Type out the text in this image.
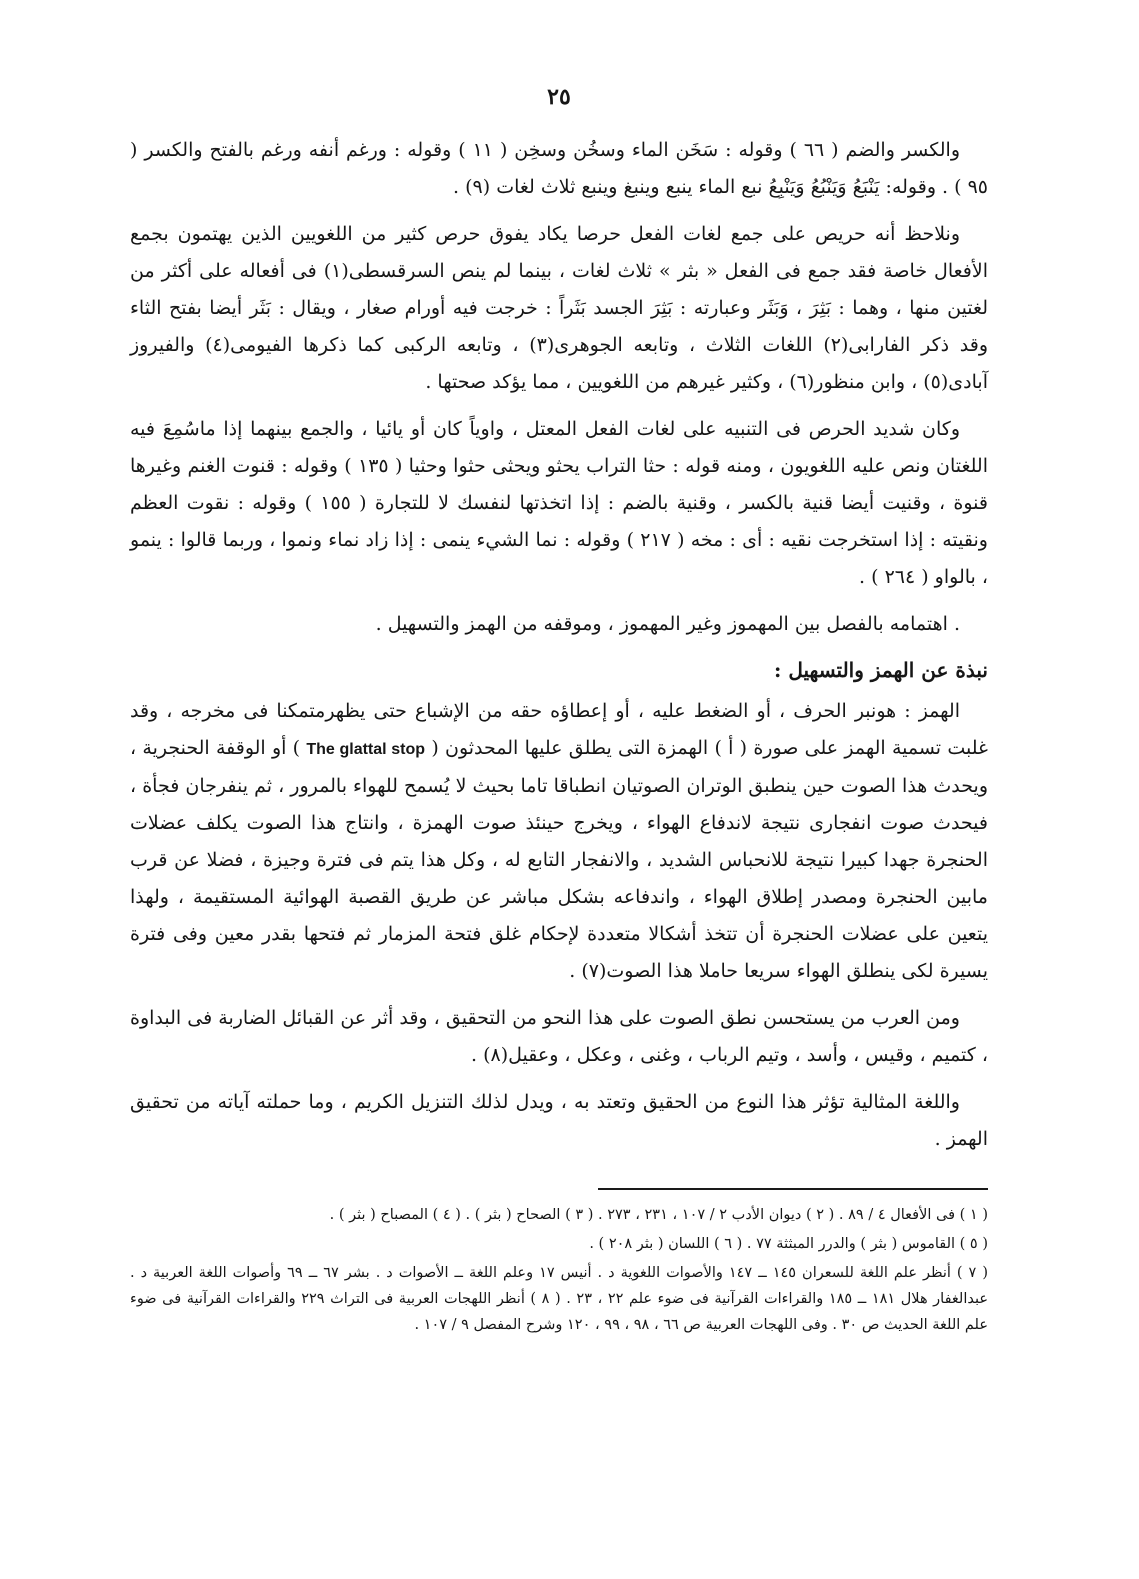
٢٥

والكسر والضم ( ٦٦ ) وقوله : سَخَن الماء وسخُن وسخِن ( ١١ ) وقوله : ورغم أنفه ورغم بالفتح والكسر ( ٩٥ ) . وقوله: يَنْبَعُ وَيَنْبُعُ وَيَنْبِعُ نبع الماء ينبع وينبغ وينبع ثلاث لغات (٩) .

ونلاحظ أنه حريص على جمع لغات الفعل حرصا يكاد يفوق حرص كثير من اللغويين الذين يهتمون بجمع الأفعال خاصة فقد جمع فى الفعل « بثر » ثلاث لغات ، بينما لم ينص السرقسطى(١) فى أفعاله على أكثر من لغتين منها ، وهما : بَثِرَ ، وَبَثَر وعبارته : بَثِرَ الجسد بَثَراً : خرجت فيه أورام صغار ، ويقال : بَثَر أيضا بفتح الثاء وقد ذكر الفارابى(٢) اللغات الثلاث ، وتابعه الجوهرى(٣) ، وتابعه الركبى كما ذكرها الفيومى(٤) والفيروز آبادى(٥) ، وابن منظور(٦) ، وكثير غيرهم من اللغويين ، مما يؤكد صحتها .

وكان شديد الحرص فى التنبيه على لغات الفعل المعتل ، واوياً كان أو يائيا ، والجمع بينهما إذا ماسُمِعَ فيه اللغتان ونص عليه اللغويون ، ومنه قوله : حثا التراب يحثو ويحثى حثوا وحثيا ( ١٣٥ ) وقوله : قنوت الغنم وغيرها قنوة ، وقنيت أيضا قنية بالكسر ، وقنية بالضم : إذا اتخذتها لنفسك لا للتجارة ( ١٥٥ ) وقوله : نقوت العظم ونقيته : إذا استخرجت نقيه : أى : مخه ( ٢١٧ ) وقوله : نما الشيء ينمى : إذا زاد نماء ونموا ، وربما قالوا : ينمو ، بالواو ( ٢٦٤ ) .

. اهتمامه بالفصل بين المهموز وغير المهموز ، وموقفه من الهمز والتسهيل .

نبذة عن الهمز والتسهيل :

الهمز : هونبر الحرف ، أو الضغط عليه ، أو إعطاؤه حقه من الإشباع حتى يظهرمتمكنا فى مخرجه ، وقد غلبت تسمية الهمز على صورة ( أ ) الهمزة التى يطلق عليها المحدثون ( The glattal stop ) أو الوقفة الحنجرية ، ويحدث هذا الصوت حين ينطبق الوتران الصوتيان انطباقا تاما بحيث لا يُسمح للهواء بالمرور ، ثم ينفرجان فجأة ، فيحدث صوت انفجارى نتيجة لاندفاع الهواء ، ويخرج حينئذ صوت الهمزة ، وانتاج هذا الصوت يكلف عضلات الحنجرة جهدا كبيرا نتيجة للانحباس الشديد ، والانفجار التابع له ، وكل هذا يتم فى فترة وجيزة ، فضلا عن قرب مابين الحنجرة ومصدر إطلاق الهواء ، واندفاعه بشكل مباشر عن طريق القصبة الهوائية المستقيمة ، ولهذا يتعين على عضلات الحنجرة أن تتخذ أشكالا متعددة لإحكام غلق فتحة المزمار ثم فتحها بقدر معين وفى فترة يسيرة لكى ينطلق الهواء سريعا حاملا هذا الصوت(٧) .

ومن العرب من يستحسن نطق الصوت على هذا النحو من التحقيق ، وقد أثر عن القبائل الضاربة فى البداوة ، كتميم ، وقيس ، وأسد ، وتيم الرباب ، وغنى ، وعكل ، وعقيل(٨) .

واللغة المثالية تؤثر هذا النوع من الحقيق وتعتد به ، ويدل لذلك التنزيل الكريم ، وما حملته آياته من تحقيق الهمز .

( ١ ) فى الأفعال ٤ / ٨٩ . ( ٢ ) ديوان الأدب ٢ / ١٠٧ ، ٢٣١ ، ٢٧٣ . ( ٣ ) الصحاح ( بثر ) . ( ٤ ) المصباح ( بثر ) .

( ٥ ) القاموس ( بثر ) والدرر المبثثة ٧٧ . ( ٦ ) اللسان ( بثر ٢٠٨ ) .

( ٧ ) أنظر علم اللغة للسعران ١٤٥ ــ ١٤٧ والأصوات اللغوية د . أنيس ١٧ وعلم اللغة ــ الأصوات د . بشر ٦٧ ــ ٦٩ وأصوات اللغة العربية د . عبدالغفار هلال ١٨١ ــ ١٨٥ والقراءات القرآنية فى ضوء علم ٢٢ ، ٢٣ . ( ٨ ) أنظر اللهجات العربية فى التراث ٢٢٩ والقراءات القرآنية فى ضوء علم اللغة الحديث ص ٣٠ . وفى اللهجات العربية ص ٦٦ ، ٩٨ ، ٩٩ ، ١٢٠ وشرح المفصل ٩ / ١٠٧ .
